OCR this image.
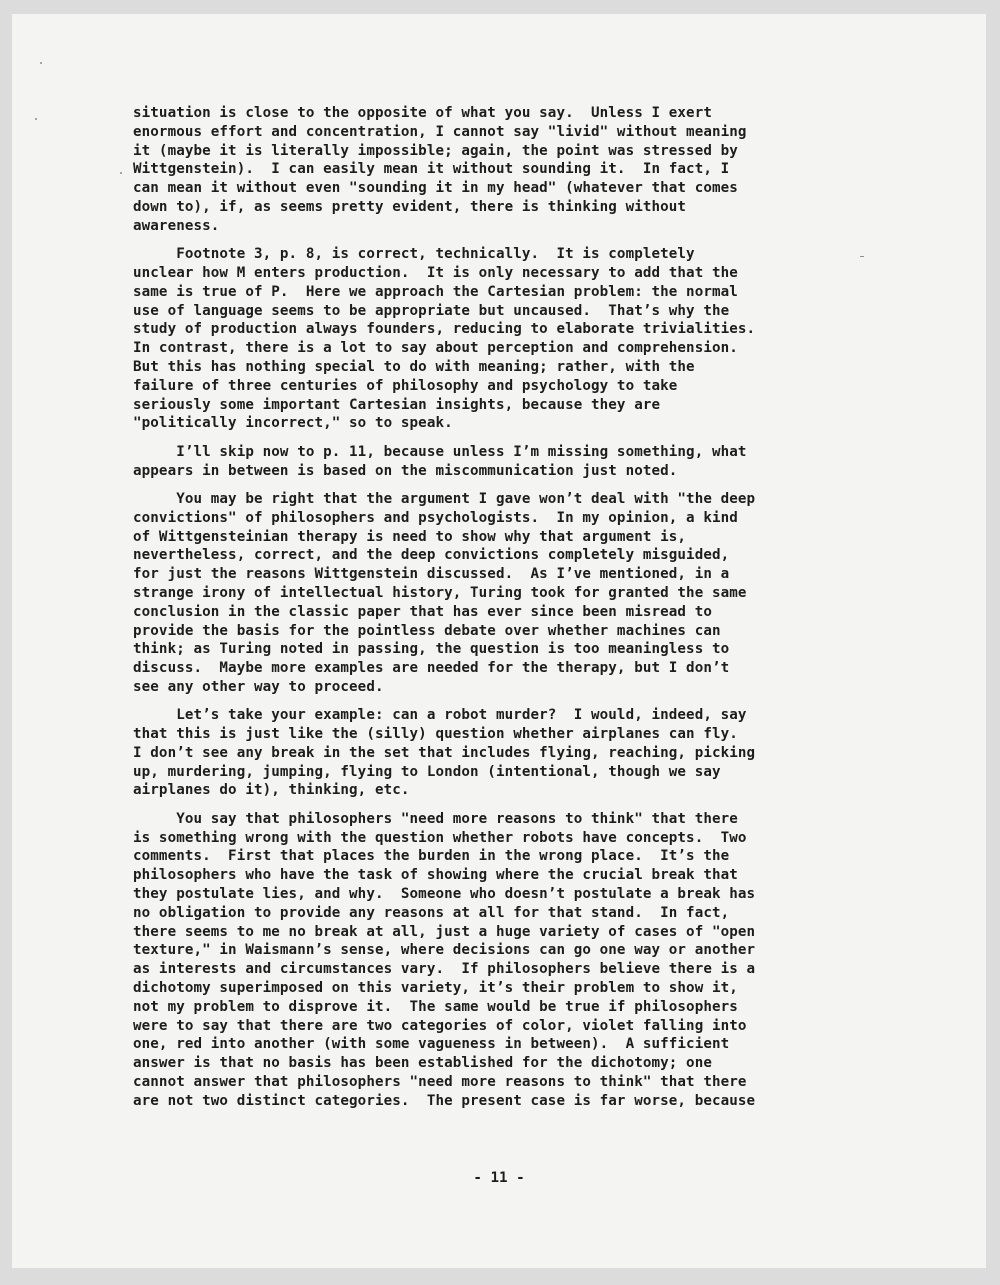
situation is close to the opposite of what you say.  Unless I exert
enormous effort and concentration, I cannot say "livid" without meaning
it (maybe it is literally impossible; again, the point was stressed by
Wittgenstein).  I can easily mean it without sounding it.  In fact, I
can mean it without even "sounding it in my head" (whatever that comes
down to), if, as seems pretty evident, there is thinking without
awareness.
Footnote 3, p. 8, is correct, technically.  It is completely
unclear how M enters production.  It is only necessary to add that the
same is true of P.  Here we approach the Cartesian problem: the normal
use of language seems to be appropriate but uncaused.  That’s why the
study of production always founders, reducing to elaborate trivialities.
In contrast, there is a lot to say about perception and comprehension.
But this has nothing special to do with meaning; rather, with the
failure of three centuries of philosophy and psychology to take
seriously some important Cartesian insights, because they are
"politically incorrect," so to speak.
I’ll skip now to p. 11, because unless I’m missing something, what
appears in between is based on the miscommunication just noted.
You may be right that the argument I gave won’t deal with "the deep
convictions" of philosophers and psychologists.  In my opinion, a kind
of Wittgensteinian therapy is need to show why that argument is,
nevertheless, correct, and the deep convictions completely misguided,
for just the reasons Wittgenstein discussed.  As I’ve mentioned, in a
strange irony of intellectual history, Turing took for granted the same
conclusion in the classic paper that has ever since been misread to
provide the basis for the pointless debate over whether machines can
think; as Turing noted in passing, the question is too meaningless to
discuss.  Maybe more examples are needed for the therapy, but I don’t
see any other way to proceed.
Let’s take your example: can a robot murder?  I would, indeed, say
that this is just like the (silly) question whether airplanes can fly.
I don’t see any break in the set that includes flying, reaching, picking
up, murdering, jumping, flying to London (intentional, though we say
airplanes do it), thinking, etc.
You say that philosophers "need more reasons to think" that there
is something wrong with the question whether robots have concepts.  Two
comments.  First that places the burden in the wrong place.  It’s the
philosophers who have the task of showing where the crucial break that
they postulate lies, and why.  Someone who doesn’t postulate a break has
no obligation to provide any reasons at all for that stand.  In fact,
there seems to me no break at all, just a huge variety of cases of "open
texture," in Waismann’s sense, where decisions can go one way or another
as interests and circumstances vary.  If philosophers believe there is a
dichotomy superimposed on this variety, it’s their problem to show it,
not my problem to disprove it.  The same would be true if philosophers
were to say that there are two categories of color, violet falling into
one, red into another (with some vagueness in between).  A sufficient
answer is that no basis has been established for the dichotomy; one
cannot answer that philosophers "need more reasons to think" that there
are not two distinct categories.  The present case is far worse, because
- 11 -
